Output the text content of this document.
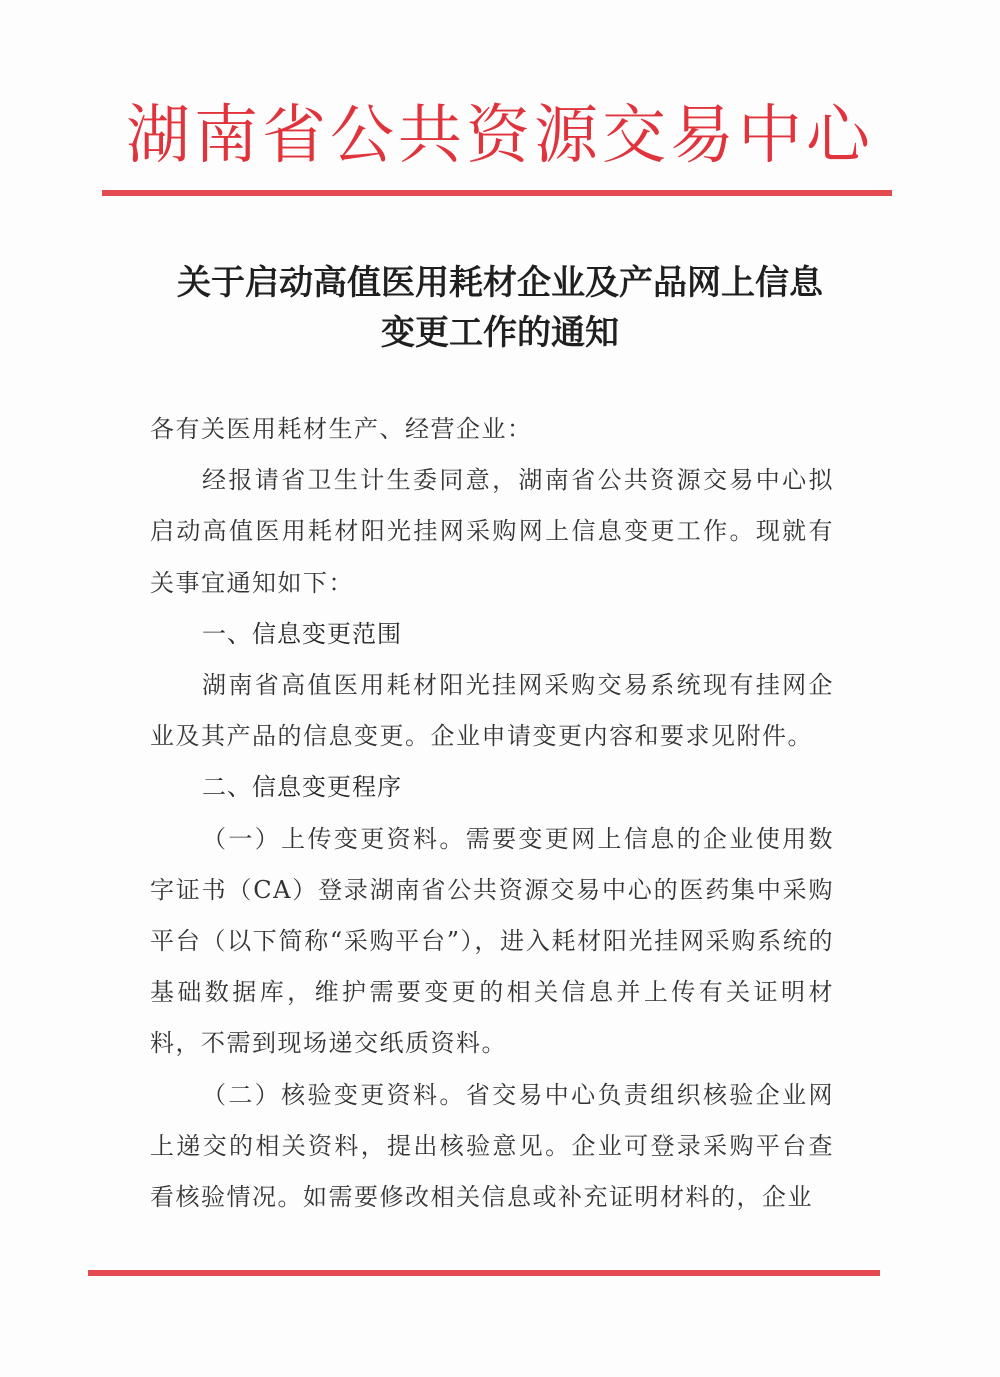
湖南省公共资源交易中心
关于启动高值医用耗材企业及产品网上信息
变更工作的通知

各有关医用耗材生产、经营企业：

经报请省卫生计生委同意，湖南省公共资源交易中心拟启动高值医用耗材阳光挂网采购网上信息变更工作。现就有关事宜通知如下：

一、信息变更范围

湖南省高值医用耗材阳光挂网采购交易系统现有挂网企业及其产品的信息变更。企业申请变更内容和要求见附件。

二、信息变更程序

（一）上传变更资料。需要变更网上信息的企业使用数字证书（CA）登录湖南省公共资源交易中心的医药集中采购平台（以下简称“采购平台”），进入耗材阳光挂网采购系统的基础数据库，维护需要变更的相关信息并上传有关证明材料，不需到现场递交纸质资料。

（二）核验变更资料。省交易中心负责组织核验企业网上递交的相关资料，提出核验意见。企业可登录采购平台查看核验情况。如需要修改相关信息或补充证明材料的，企业
